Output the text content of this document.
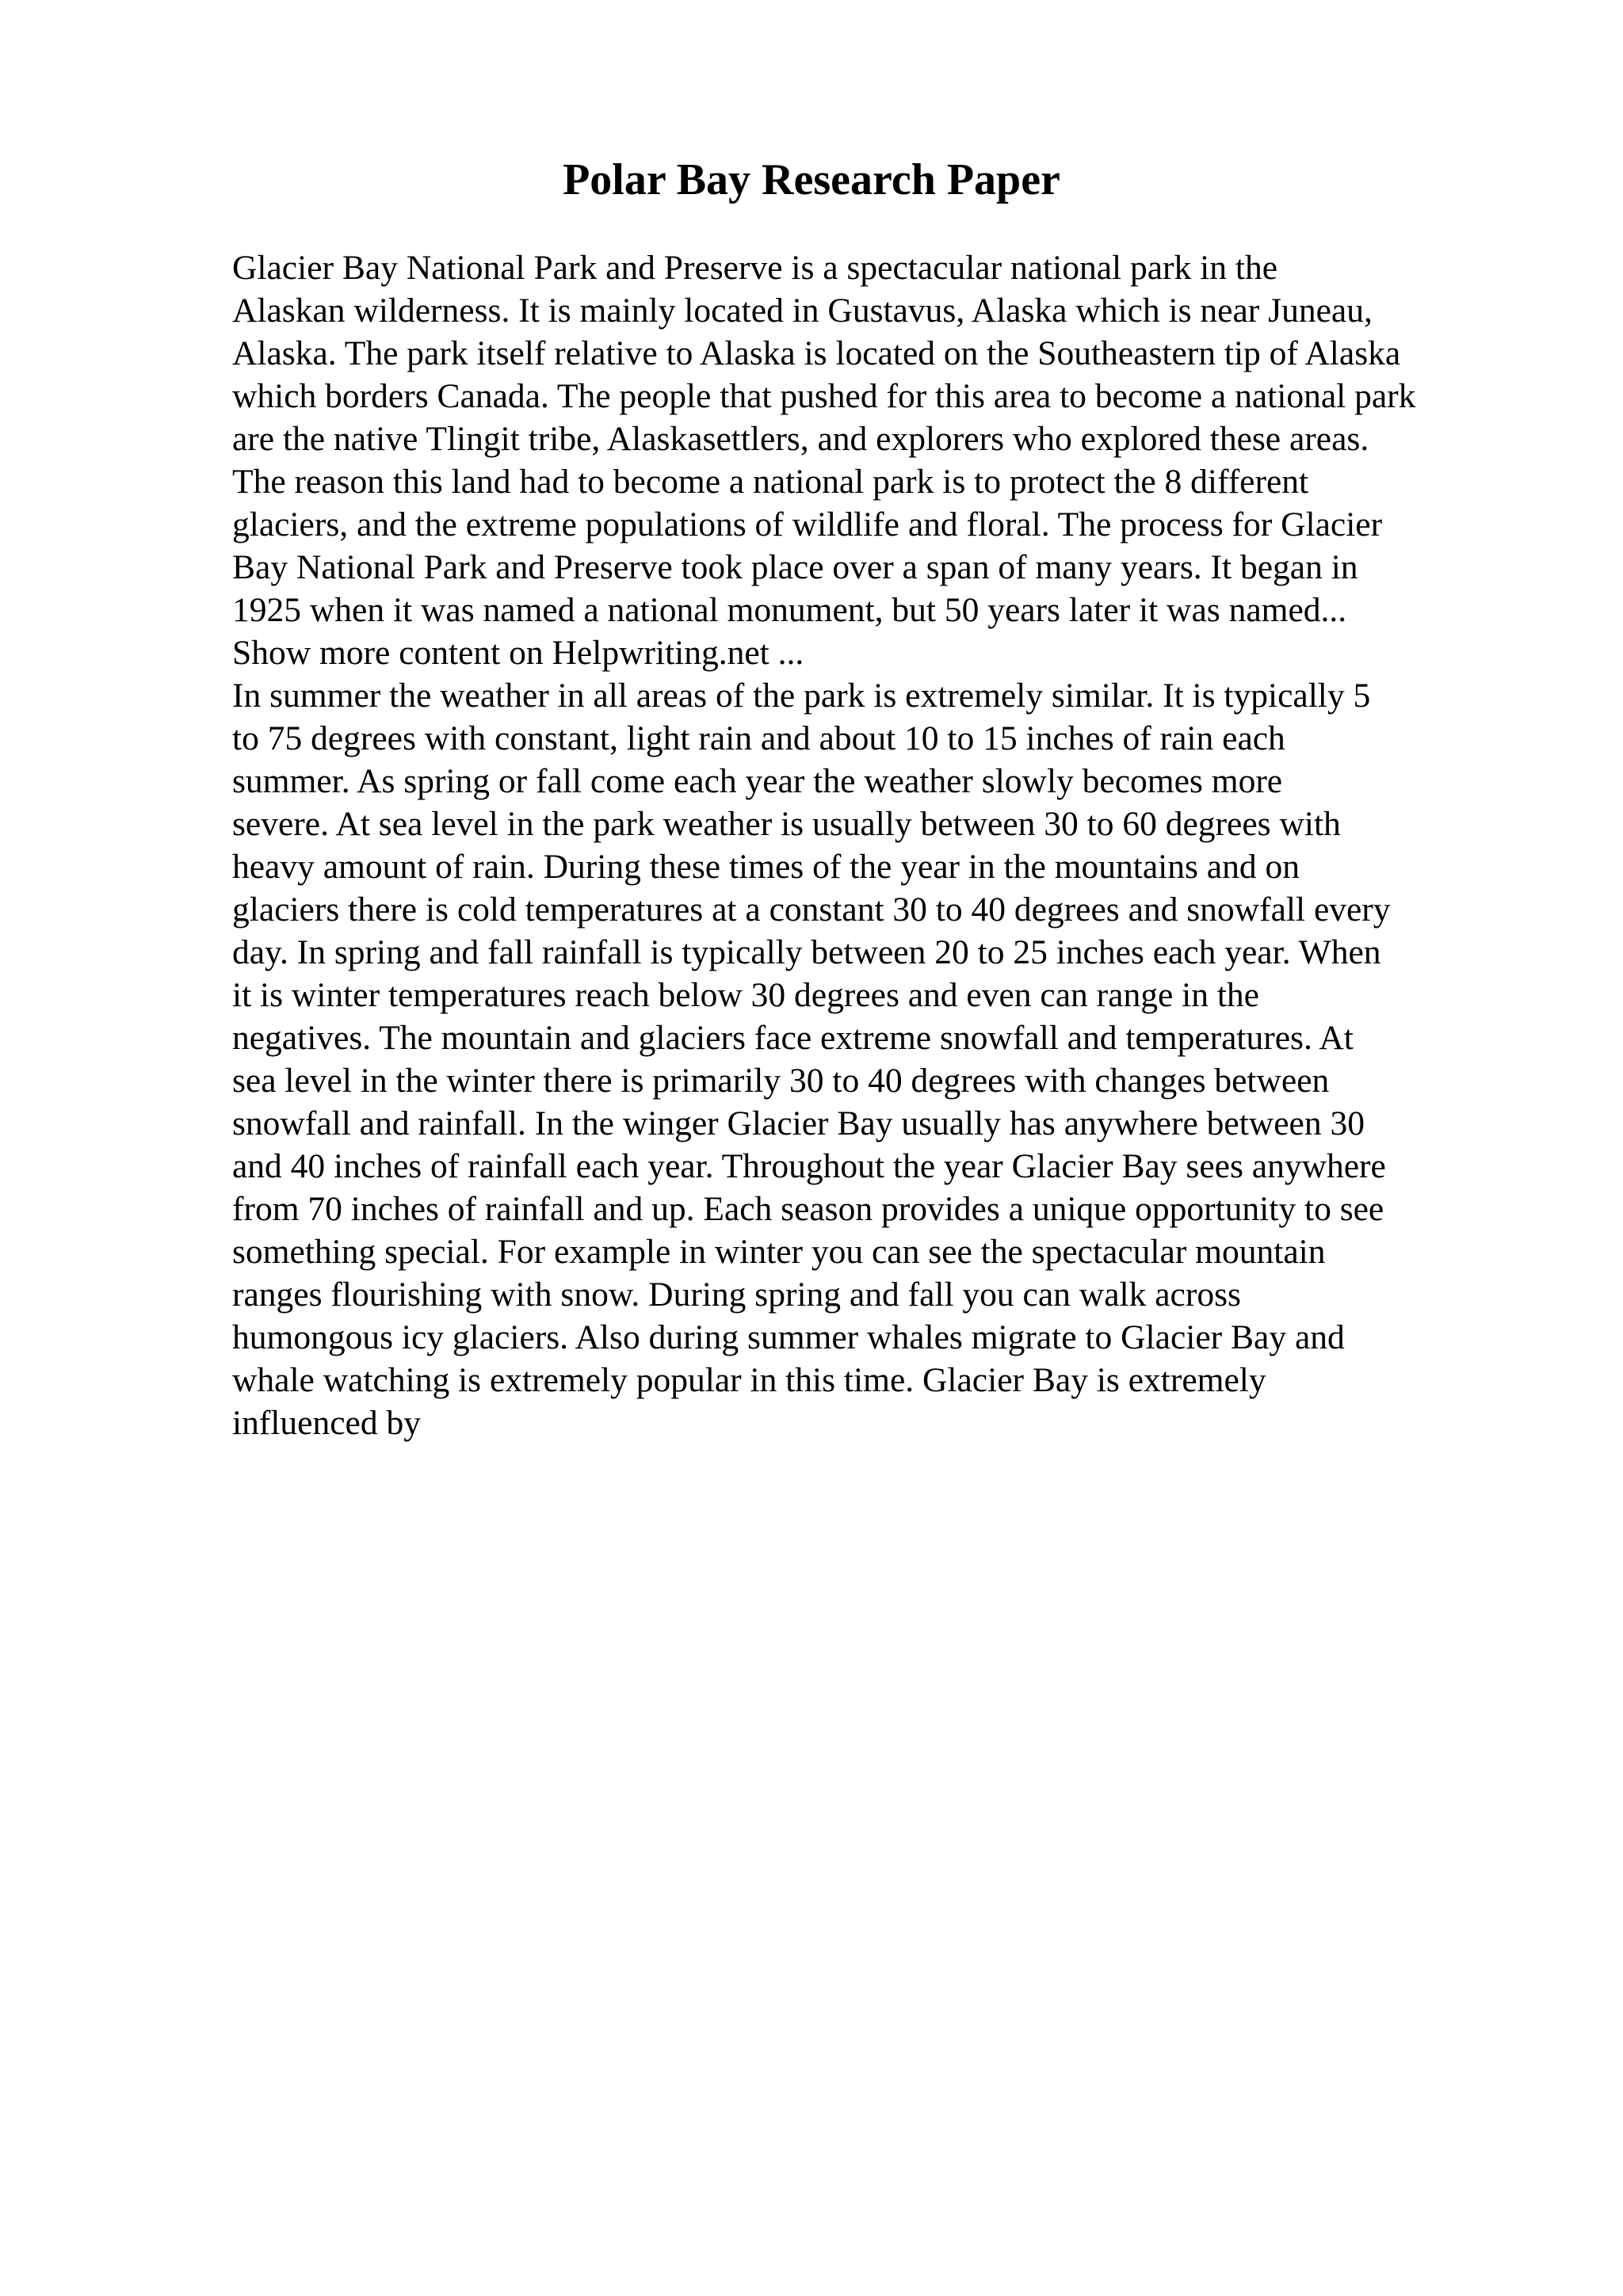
Polar Bay Research Paper
Glacier Bay National Park and Preserve is a spectacular national park in the
Alaskan wilderness. It is mainly located in Gustavus, Alaska which is near Juneau,
Alaska. The park itself relative to Alaska is located on the Southeastern tip of Alaska
which borders Canada. The people that pushed for this area to become a national park
are the native Tlingit tribe, Alaskasettlers, and explorers who explored these areas.
The reason this land had to become a national park is to protect the 8 different
glaciers, and the extreme populations of wildlife and floral. The process for Glacier
Bay National Park and Preserve took place over a span of many years. It began in
1925 when it was named a national monument, but 50 years later it was named...
Show more content on Helpwriting.net ...
In summer the weather in all areas of the park is extremely similar. It is typically 5
to 75 degrees with constant, light rain and about 10 to 15 inches of rain each
summer. As spring or fall come each year the weather slowly becomes more
severe. At sea level in the park weather is usually between 30 to 60 degrees with
heavy amount of rain. During these times of the year in the mountains and on
glaciers there is cold temperatures at a constant 30 to 40 degrees and snowfall every
day. In spring and fall rainfall is typically between 20 to 25 inches each year. When
it is winter temperatures reach below 30 degrees and even can range in the
negatives. The mountain and glaciers face extreme snowfall and temperatures. At
sea level in the winter there is primarily 30 to 40 degrees with changes between
snowfall and rainfall. In the winger Glacier Bay usually has anywhere between 30
and 40 inches of rainfall each year. Throughout the year Glacier Bay sees anywhere
from 70 inches of rainfall and up. Each season provides a unique opportunity to see
something special. For example in winter you can see the spectacular mountain
ranges flourishing with snow. During spring and fall you can walk across
humongous icy glaciers. Also during summer whales migrate to Glacier Bay and
whale watching is extremely popular in this time. Glacier Bay is extremely
influenced by
